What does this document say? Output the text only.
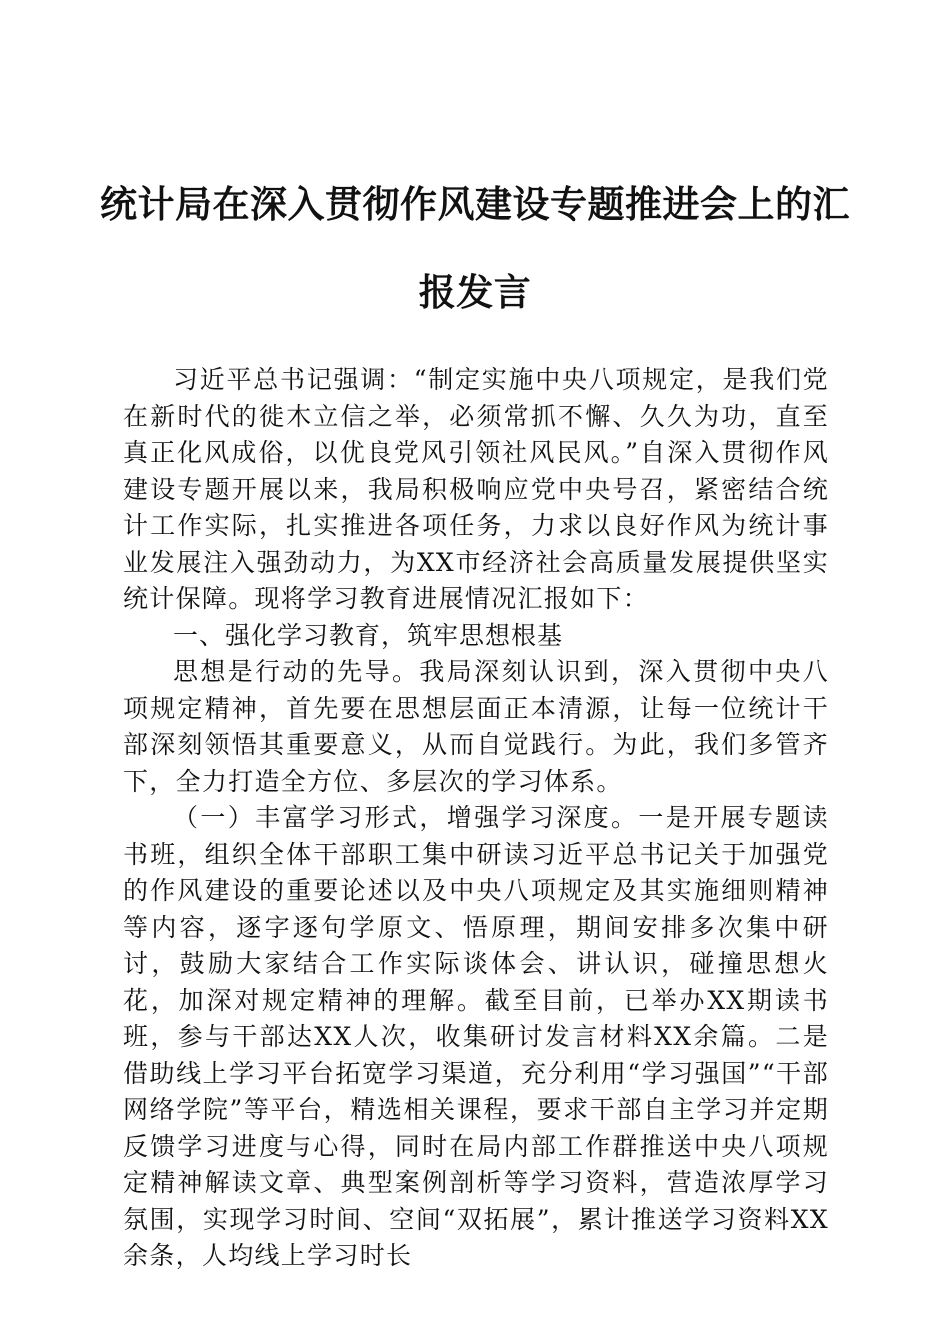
统计局在深入贯彻作风建设专题推进会上的汇
报发言

习近平总书记强调：“制定实施中央八项规定，是我们党在新时代的徙木立信之举，必须常抓不懈、久久为功，直至真正化风成俗，以优良党风引领社风民风。”自深入贯彻作风建设专题开展以来，我局积极响应党中央号召，紧密结合统计工作实际，扎实推进各项任务，力求以良好作风为统计事业发展注入强劲动力，为XX市经济社会高质量发展提供坚实统计保障。现将学习教育进展情况汇报如下：

一、强化学习教育，筑牢思想根基

思想是行动的先导。我局深刻认识到，深入贯彻中央八项规定精神，首先要在思想层面正本清源，让每一位统计干部深刻领悟其重要意义，从而自觉践行。为此，我们多管齐下，全力打造全方位、多层次的学习体系。

（一）丰富学习形式，增强学习深度。一是开展专题读书班，组织全体干部职工集中研读习近平总书记关于加强党的作风建设的重要论述以及中央八项规定及其实施细则精神等内容，逐字逐句学原文、悟原理，期间安排多次集中研讨，鼓励大家结合工作实际谈体会、讲认识，碰撞思想火花，加深对规定精神的理解。截至目前，已举办XX期读书班，参与干部达XX人次，收集研讨发言材料XX余篇。二是借助线上学习平台拓宽学习渠道，充分利用“学习强国”“干部网络学院”等平台，精选相关课程，要求干部自主学习并定期反馈学习进度与心得，同时在局内部工作群推送中央八项规定精神解读文章、典型案例剖析等学习资料，营造浓厚学习氛围，实现学习时间、空间“双拓展”，累计推送学习资料XX余条，人均线上学习时长
